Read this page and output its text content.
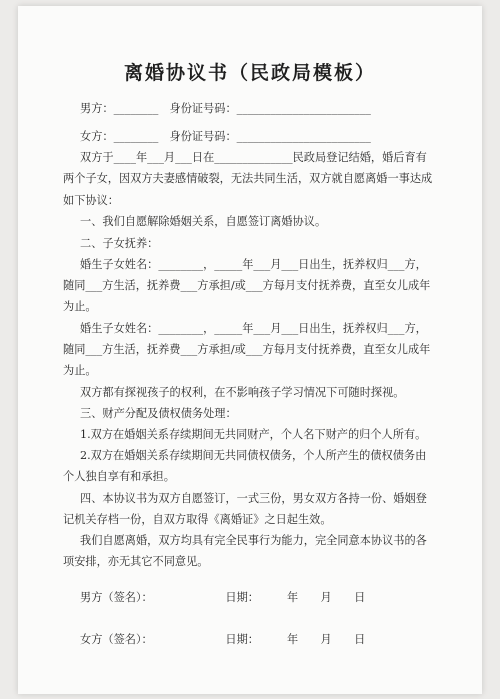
离婚协议书（民政局模板）
男方：________　身份证号码：________________________
女方：________　身份证号码：________________________
双方于____年___月___日在______________民政局登记结婚，婚后育有
两个子女，因双方夫妻感情破裂，无法共同生活，双方就自愿离婚一事达成
如下协议：
一、我们自愿解除婚姻关系，自愿签订离婚协议。
二、子女抚养：
婚生子女姓名：________，_____年___月___日出生，抚养权归___方，
随同___方生活，抚养费___方承担/或___方每月支付抚养费，直至女儿成年
为止。
婚生子女姓名：________，_____年___月___日出生，抚养权归___方，
随同___方生活，抚养费___方承担/或___方每月支付抚养费，直至女儿成年
为止。
双方都有探视孩子的权利，在不影响孩子学习情况下可随时探视。
三、财产分配及债权债务处理：
1.双方在婚姻关系存续期间无共同财产，个人名下财产的归个人所有。
2.双方在婚姻关系存续期间无共同债权债务，个人所产生的债权债务由
个人独自享有和承担。
四、本协议书为双方自愿签订，一式三份，男女双方各持一份、婚姻登
记机关存档一份，自双方取得《离婚证》之日起生效。
我们自愿离婚，双方均具有完全民事行为能力，完全同意本协议书的各
项安排，亦无其它不同意见。
男方（签名）：　　　　　　　日期：　　　年　　月　　日
女方（签名）：　　　　　　　日期：　　　年　　月　　日
